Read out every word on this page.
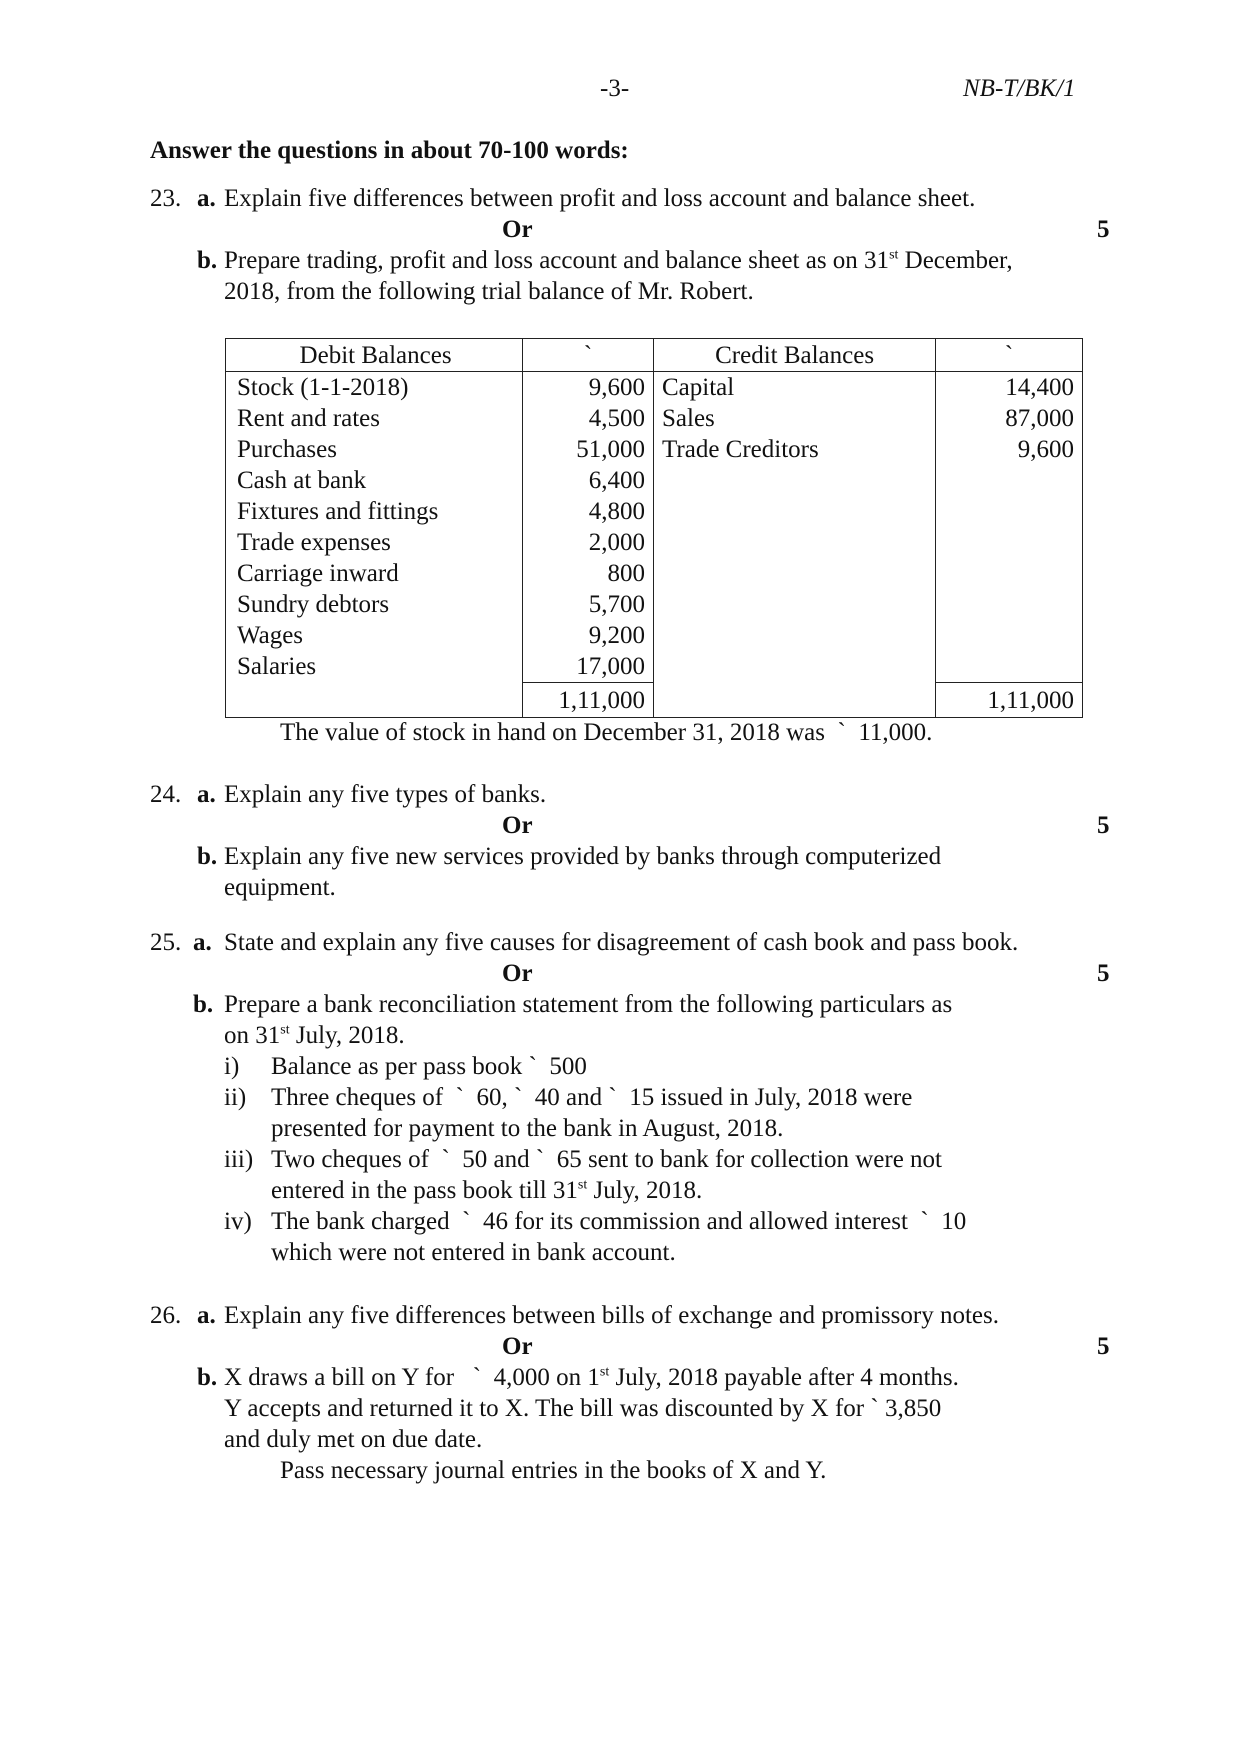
-3-	NB-T/BK/1
Answer the questions in about 70-100 words:
23. a. Explain five differences between profit and loss account and balance sheet.
Or	5
b. Prepare trading, profit and loss account and balance sheet as on 31st December,
2018, from the following trial balance of Mr. Robert.
Debit Balances	`	Credit Balances	`
Stock (1-1-2018)	9,600	Capital	14,400
Rent and rates	4,500	Sales	87,000
Purchases	51,000	Trade Creditors	9,600
Cash at bank	6,400		
Fixtures and fittings	4,800		
Trade expenses	2,000		
Carriage inward	800		
Sundry debtors	5,700		
Wages	9,200		
Salaries	17,000		
	1,11,000		1,11,000
The value of stock in hand on December 31, 2018 was ` 11,000.
24. a. Explain any five types of banks.
Or	5
b. Explain any five new services provided by banks through computerized
equipment.
25. a. State and explain any five causes for disagreement of cash book and pass book.
Or	5
b. Prepare a bank reconciliation statement from the following particulars as
on 31st July, 2018.
i) Balance as per pass book ` 500
ii) Three cheques of ` 60, ` 40 and ` 15 issued in July, 2018 were
presented for payment to the bank in August, 2018.
iii) Two cheques of ` 50 and ` 65 sent to bank for collection were not
entered in the pass book till 31st July, 2018.
iv) The bank charged ` 46 for its commission and allowed interest ` 10
which were not entered in bank account.
26. a. Explain any five differences between bills of exchange and promissory notes.
Or	5
b. X draws a bill on Y for ` 4,000 on 1st July, 2018 payable after 4 months.
Y accepts and returned it to X. The bill was discounted by X for ` 3,850
and duly met on due date.
Pass necessary journal entries in the books of X and Y.
